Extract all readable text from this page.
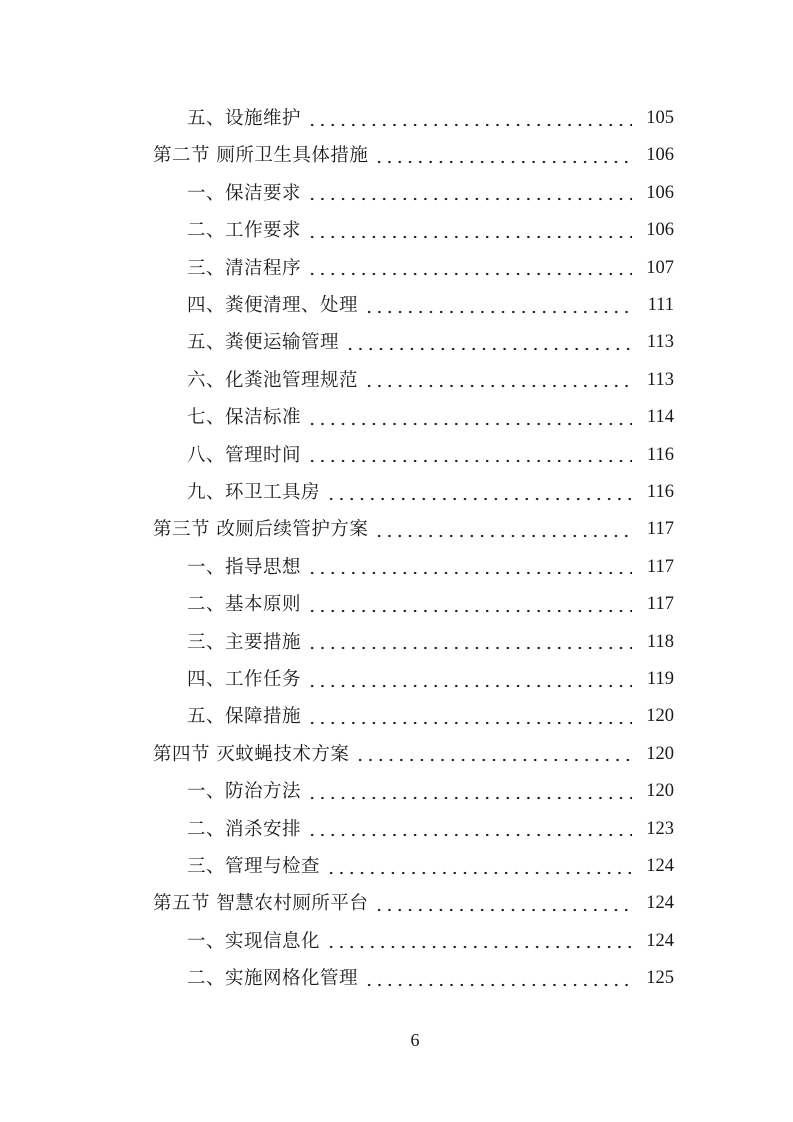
五、设施维护	105
第二节 厕所卫生具体措施	106
一、保洁要求	106
二、工作要求	106
三、清洁程序	107
四、粪便清理、处理	111
五、粪便运输管理	113
六、化粪池管理规范	113
七、保洁标准	114
八、管理时间	116
九、环卫工具房	116
第三节 改厕后续管护方案	117
一、指导思想	117
二、基本原则	117
三、主要措施	118
四、工作任务	119
五、保障措施	120
第四节 灭蚊蝇技术方案	120
一、防治方法	120
二、消杀安排	123
三、管理与检查	124
第五节 智慧农村厕所平台	124
一、实现信息化	124
二、实施网格化管理	125
6
